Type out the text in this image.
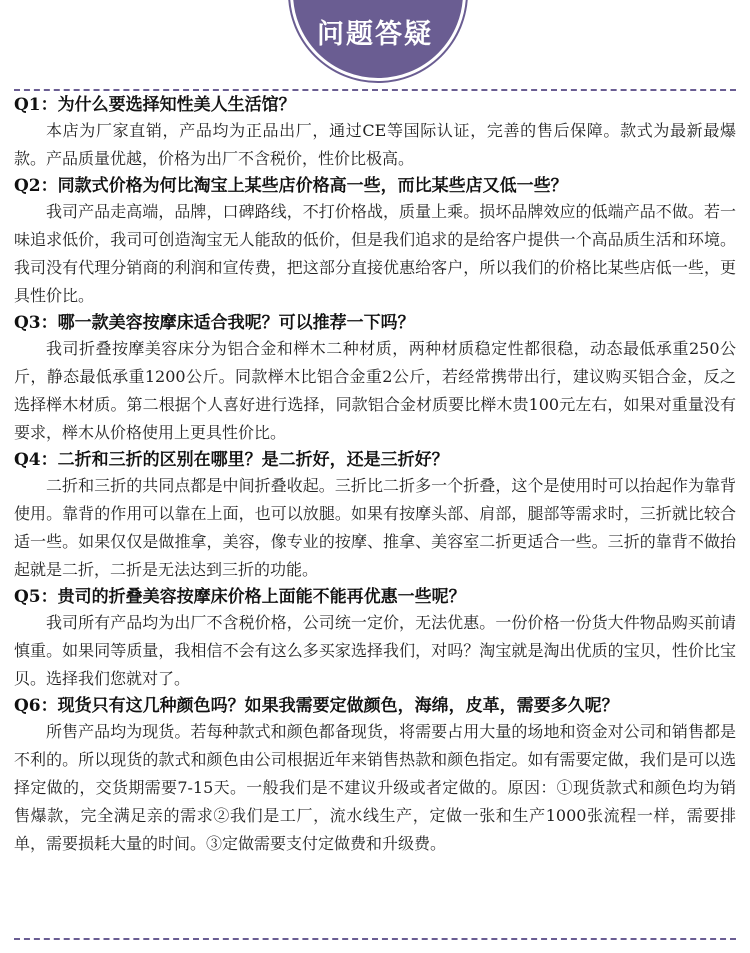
问题答疑
Q1：为什么要选择知性美人生活馆？

本店为厂家直销，产品均为正品出厂，通过CE等国际认证，完善的售后保障。款式为最新最爆款。产品质量优越，价格为出厂不含税价，性价比极高。

Q2：同款式价格为何比淘宝上某些店价格高一些，而比某些店又低一些？

我司产品走高端，品牌，口碑路线，不打价格战，质量上乘。损坏品牌效应的低端产品不做。若一味追求低价，我司可创造淘宝无人能敌的低价，但是我们追求的是给客户提供一个高品质生活和环境。我司没有代理分销商的利润和宣传费，把这部分直接优惠给客户，所以我们的价格比某些店低一些，更具性价比。

Q3：哪一款美容按摩床适合我呢？可以推荐一下吗？

我司折叠按摩美容床分为铝合金和榉木二种材质，两种材质稳定性都很稳，动态最低承重250公斤，静态最低承重1200公斤。同款榉木比铝合金重2公斤，若经常携带出行，建议购买铝合金，反之选择榉木材质。第二根据个人喜好进行选择，同款铝合金材质要比榉木贵100元左右，如果对重量没有要求，榉木从价格使用上更具性价比。

Q4：二折和三折的区别在哪里？是二折好，还是三折好？

二折和三折的共同点都是中间折叠收起。三折比二折多一个折叠，这个是使用时可以抬起作为靠背使用。靠背的作用可以靠在上面，也可以放腿。如果有按摩头部、肩部，腿部等需求时，三折就比较合适一些。如果仅仅是做推拿，美容，像专业的按摩、推拿、美容室二折更适合一些。三折的靠背不做抬起就是二折，二折是无法达到三折的功能。

Q5：贵司的折叠美容按摩床价格上面能不能再优惠一些呢？

我司所有产品均为出厂不含税价格，公司统一定价，无法优惠。一份价格一份货大件物品购买前请慎重。如果同等质量，我相信不会有这么多买家选择我们，对吗？淘宝就是淘出优质的宝贝，性价比宝贝。选择我们您就对了。

Q6：现货只有这几种颜色吗？如果我需要定做颜色，海绵，皮革，需要多久呢？

所售产品均为现货。若每种款式和颜色都备现货，将需要占用大量的场地和资金对公司和销售都是不利的。所以现货的款式和颜色由公司根据近年来销售热款和颜色指定。如有需要定做，我们是可以选择定做的，交货期需要7-15天。一般我们是不建议升级或者定做的。原因：①现货款式和颜色均为销售爆款，完全满足亲的需求②我们是工厂，流水线生产，定做一张和生产1000张流程一样，需要排单，需要损耗大量的时间。③定做需要支付定做费和升级费。
